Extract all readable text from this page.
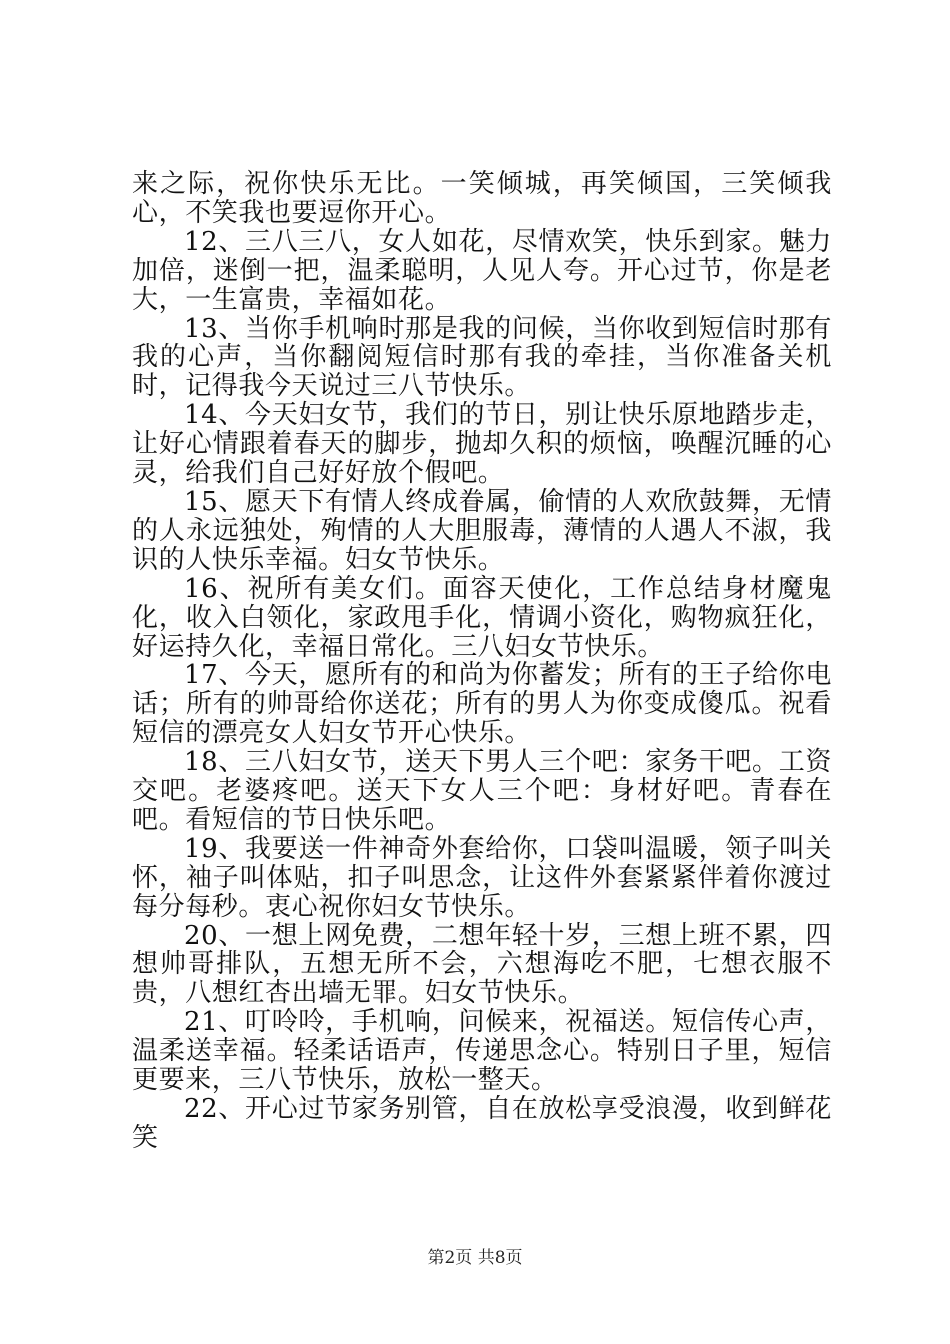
来之际，祝你快乐无比。一笑倾城，再笑倾国，三笑倾我心，不笑我也要逗你开心。

12、三八三八，女人如花，尽情欢笑，快乐到家。魅力加倍，迷倒一把，温柔聪明，人见人夸。开心过节，你是老大，一生富贵，幸福如花。

13、当你手机响时那是我的问候，当你收到短信时那有我的心声，当你翻阅短信时那有我的牵挂，当你准备关机时，记得我今天说过三八节快乐。

14、今天妇女节，我们的节日，别让快乐原地踏步走，让好心情跟着春天的脚步，抛却久积的烦恼，唤醒沉睡的心灵，给我们自己好好放个假吧。

15、愿天下有情人终成眷属，偷情的人欢欣鼓舞，无情的人永远独处，殉情的人大胆服毒，薄情的人遇人不淑，我识的人快乐幸福。妇女节快乐。

16、祝所有美女们。面容天使化，工作总结身材魔鬼化，收入白领化，家政甩手化，情调小资化，购物疯狂化，好运持久化，幸福日常化。三八妇女节快乐。

17、今天，愿所有的和尚为你蓄发；所有的王子给你电话；所有的帅哥给你送花；所有的男人为你变成傻瓜。祝看短信的漂亮女人妇女节开心快乐。

18、三八妇女节，送天下男人三个吧：家务干吧。工资交吧。老婆疼吧。送天下女人三个吧：身材好吧。青春在吧。看短信的节日快乐吧。

19、我要送一件神奇外套给你，口袋叫温暖，领子叫关怀，袖子叫体贴，扣子叫思念，让这件外套紧紧伴着你渡过每分每秒。衷心祝你妇女节快乐。

20、一想上网免费，二想年轻十岁，三想上班不累，四想帅哥排队，五想无所不会，六想海吃不肥，七想衣服不贵，八想红杏出墙无罪。妇女节快乐。

21、叮呤呤，手机响，问候来，祝福送。短信传心声，温柔送幸福。轻柔话语声，传递思念心。特别日子里，短信更要来，三八节快乐，放松一整天。

22、开心过节家务别管，自在放松享受浪漫，收到鲜花笑

第2页 共8页
